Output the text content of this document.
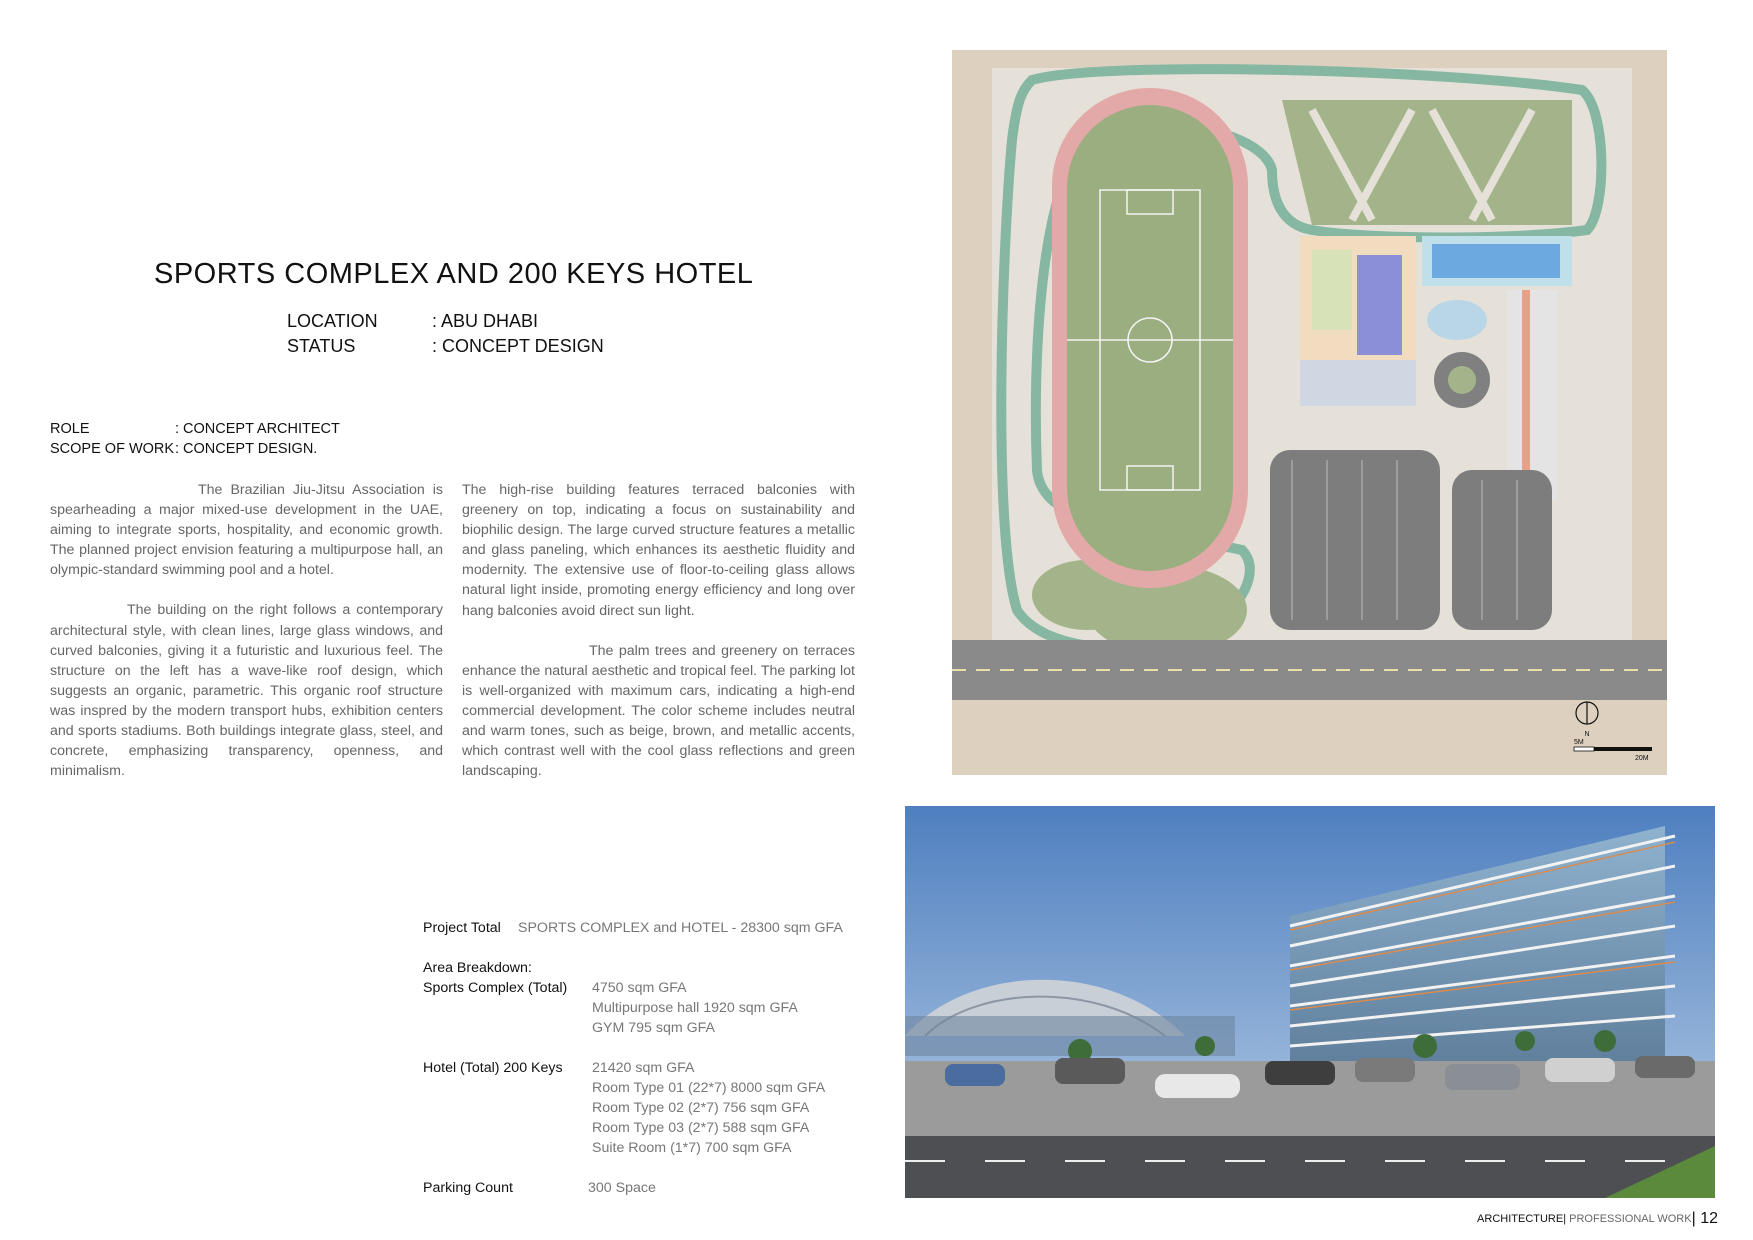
SPORTS COMPLEX AND 200 KEYS HOTEL
LOCATION	: ABU DHABI
STATUS	: CONCEPT DESIGN
ROLE	: CONCEPT ARCHITECT
SCOPE OF WORK : CONCEPT DESIGN.

The Brazilian Jiu-Jitsu Association is spearheading a major mixed-use development in the UAE, aiming to integrate sports, hospitality, and economic growth. The planned project envision featuring a multipurpose hall, an olympic-standard swimming pool and a hotel.

The building on the right follows a contemporary architectural style, with clean lines, large glass windows, and curved balconies, giving it a futuristic and luxurious feel. The structure on the left has a wave-like roof design, which suggests an organic, parametric. This organic roof structure was inspred by the modern transport hubs, exhibition centers and sports stadiums. Both buildings integrate glass, steel, and concrete, emphasizing transparency, openness, and minimalism.

The high-rise building features terraced balconies with greenery on top, indicating a focus on sustainability and biophilic design. The large curved structure features a metallic and glass paneling, which enhances its aesthetic fluidity and modernity. The extensive use of floor-to-ceiling glass allows natural light inside, promoting energy efficiency and long over hang balconies avoid direct sun light.

The palm trees and greenery on terraces enhance the natural aesthetic and tropical feel. The parking lot is well-organized with maximum cars, indicating a high-end commercial development. The color scheme includes neutral and warm tones, such as beige, brown, and metallic accents, which contrast well with the cool glass reflections and green landscaping.

Project Total SPORTS COMPLEX and HOTEL - 28300 sqm GFA
Area Breakdown:
Sports Complex (Total) 4750 sqm GFA
Multipurpose hall 1920 sqm GFA
GYM 795 sqm GFA
Hotel (Total) 200 Keys 21420 sqm GFA
Room Type 01 (22*7) 8000 sqm GFA
Room Type 02 (2*7) 756 sqm GFA
Room Type 03 (2*7) 588 sqm GFA
Suite Room (1*7) 700 sqm GFA
Parking Count	300 Space
N
5M
20M
ARCHITECTURE| PROFESSIONAL WORK| 12
